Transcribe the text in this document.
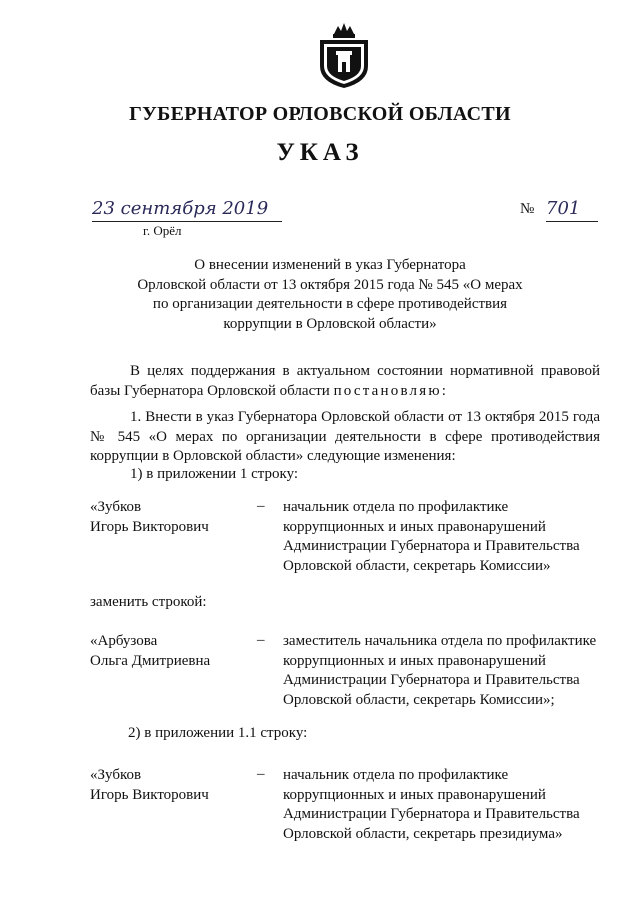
ГУБЕРНАТОР ОРЛОВСКОЙ ОБЛАСТИ
УКАЗ
23 сентября 2019
г. Орёл
№ 701
О внесении изменений в указ Губернатора
Орловской области от 13 октября 2015 года № 545 «О мерах
по организации деятельности в сфере противодействия
коррупции в Орловской области»
В целях поддержания в актуальном состоянии нормативной правовой базы Губернатора Орловской области постановляю:
1. Внести в указ Губернатора Орловской области от 13 октября 2015 года № 545 «О мерах по организации деятельности в сфере противодействия коррупции в Орловской области» следующие изменения:
1) в приложении 1 строку:
«Зубков
Игорь Викторович
– начальник отдела по профилактике
коррупционных и иных правонарушений
Администрации Губернатора и Правительства
Орловской области, секретарь Комиссии»
заменить строкой:
«Арбузова
Ольга Дмитриевна
– заместитель начальника отдела по профилактике
коррупционных и иных правонарушений
Администрации Губернатора и Правительства
Орловской области, секретарь Комиссии»;
2) в приложении 1.1 строку:
«Зубков
Игорь Викторович
– начальник отдела по профилактике
коррупционных и иных правонарушений
Администрации Губернатора и Правительства
Орловской области, секретарь президиума»
